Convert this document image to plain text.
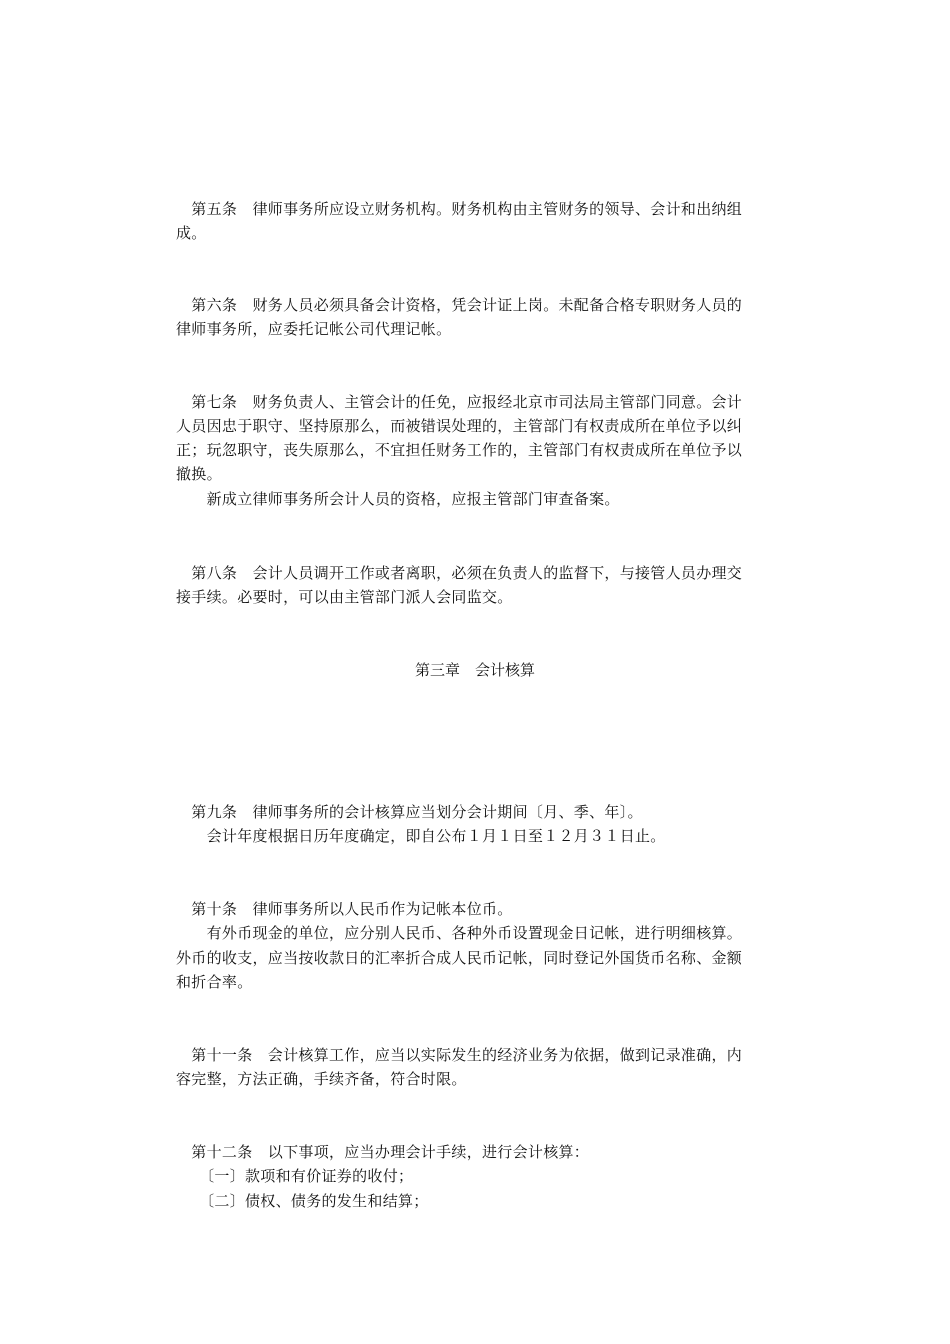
　第五条　律师事务所应设立财务机构。财务机构由主管财务的领导、会计和出纳组
成。
　第六条　财务人员必须具备会计资格，凭会计证上岗。未配备合格专职财务人员的
律师事务所，应委托记帐公司代理记帐。
　第七条　财务负责人、主管会计的任免，应报经北京市司法局主管部门同意。会计
人员因忠于职守、坚持原那么，而被错误处理的，主管部门有权责成所在单位予以纠
正；玩忽职守，丧失原那么，不宜担任财务工作的，主管部门有权责成所在单位予以
撤换。
　　新成立律师事务所会计人员的资格，应报主管部门审查备案。
　第八条　会计人员调开工作或者离职，必须在负责人的监督下，与接管人员办理交
接手续。必要时，可以由主管部门派人会同监交。
第三章　会计核算
　第九条　律师事务所的会计核算应当划分会计期间〔月、季、年〕。
　　会计年度根据日历年度确定，即自公布１月１日至１２月３１日止。
　第十条　律师事务所以人民币作为记帐本位币。
　　有外币现金的单位，应分别人民币、各种外币设置现金日记帐，进行明细核算。
外币的收支，应当按收款日的汇率折合成人民币记帐，同时登记外国货币名称、金额
和折合率。
　第十一条　会计核算工作，应当以实际发生的经济业务为依据，做到记录准确，内
容完整，方法正确，手续齐备，符合时限。
　第十二条　以下事项，应当办理会计手续，进行会计核算：
　　〔一〕款项和有价证券的收付；
　　〔二〕债权、债务的发生和结算；
